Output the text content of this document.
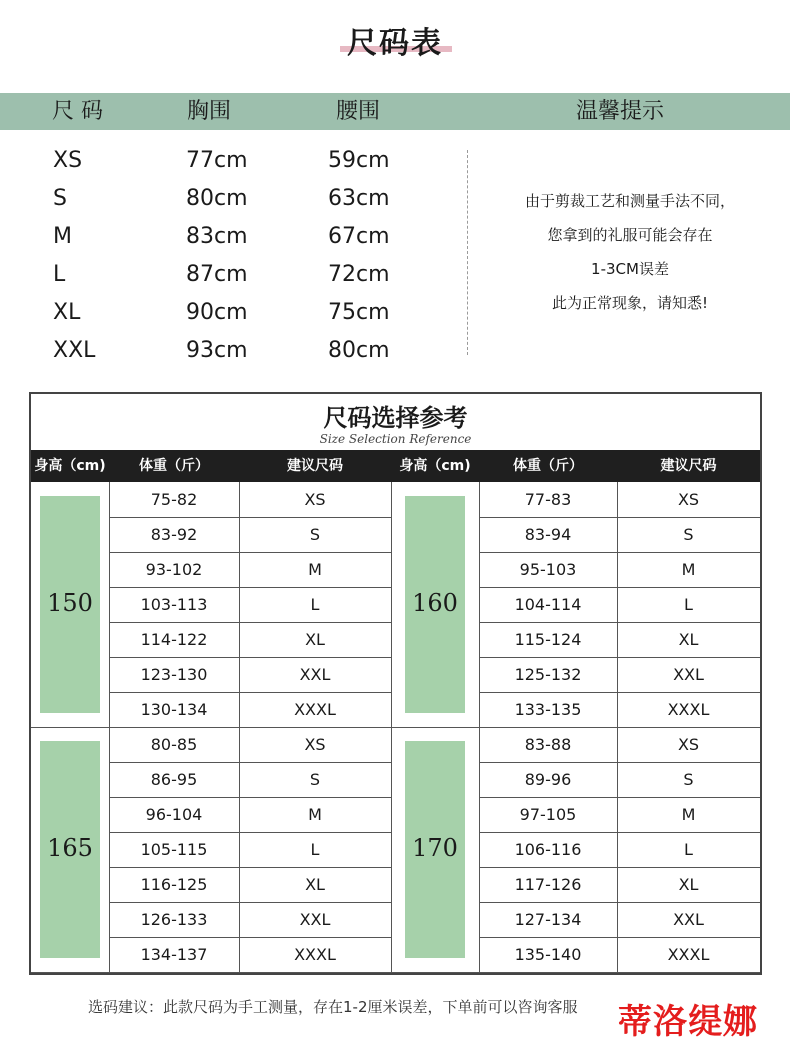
尺码表
尺 码	胸围	腰围	温馨提示
XS	77cm	59cm
S	80cm	63cm
M	83cm	67cm
L	87cm	72cm
XL	90cm	75cm
XXL	93cm	80cm
由于剪裁工艺和测量手法不同，
您拿到的礼服可能会存在
1-3CM误差
此为正常现象，请知悉!
尺码选择参考
Size Selection Reference
身高（cm)	体重（斤）	建议尺码	身高（cm)	体重（斤）	建议尺码
150
75-82	XS
83-92	S
93-102	M
103-113	L
114-122	XL
123-130	XXL
130-134	XXXL
160
77-83	XS
83-94	S
95-103	M
104-114	L
115-124	XL
125-132	XXL
133-135	XXXL
165
80-85	XS
86-95	S
96-104	M
105-115	L
116-125	XL
126-133	XXL
134-137	XXXL
170
83-88	XS
89-96	S
97-105	M
106-116	L
117-126	XL
127-134	XXL
135-140	XXXL
选码建议：此款尺码为手工测量，存在1-2厘米误差，下单前可以咨询客服 蒂洛缇娜
